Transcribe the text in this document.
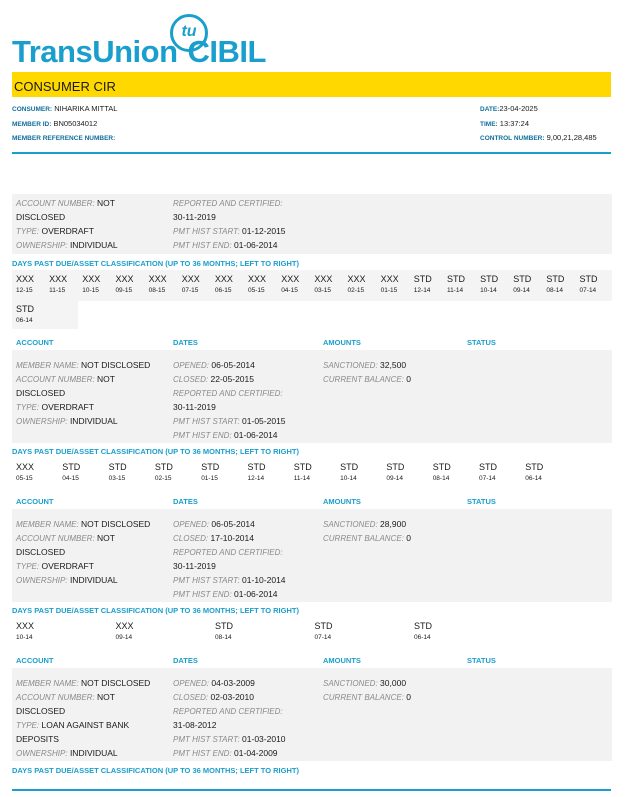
tu
TransUnion CIBIL
CONSUMER CIR
CONSUMER: NIHARIKA MITTAL
MEMBER ID: BN05034012
MEMBER REFERENCE NUMBER:
DATE:23-04-2025
TIME: 13:37:24
CONTROL NUMBER: 9,00,21,28,485
ACCOUNT NUMBER: NOT
DISCLOSED
TYPE: OVERDRAFT
OWNERSHIP: INDIVIDUAL
REPORTED AND CERTIFIED:
30-11-2019
PMT HIST START: 01-12-2015
PMT HIST END: 01-06-2014
DAYS PAST DUE/ASSET CLASSIFICATION (UP TO 36 MONTHS; LEFT TO RIGHT)
XXX
12-15
XXX
11-15
XXX
10-15
XXX
09-15
XXX
08-15
XXX
07-15
XXX
06-15
XXX
05-15
XXX
04-15
XXX
03-15
XXX
02-15
XXX
01-15
STD
12-14
STD
11-14
STD
10-14
STD
09-14
STD
08-14
STD
07-14
STD
06-14
ACCOUNT	DATES	AMOUNTS	STATUS
MEMBER NAME: NOT DISCLOSED
ACCOUNT NUMBER: NOT
DISCLOSED
TYPE: OVERDRAFT
OWNERSHIP: INDIVIDUAL
OPENED: 06-05-2014
CLOSED: 22-05-2015
REPORTED AND CERTIFIED:
30-11-2019
PMT HIST START: 01-05-2015
PMT HIST END: 01-06-2014
SANCTIONED: 32,500
CURRENT BALANCE: 0
DAYS PAST DUE/ASSET CLASSIFICATION (UP TO 36 MONTHS; LEFT TO RIGHT)
XXX
05-15
STD
04-15
STD
03-15
STD
02-15
STD
01-15
STD
12-14
STD
11-14
STD
10-14
STD
09-14
STD
08-14
STD
07-14
STD
06-14
ACCOUNT	DATES	AMOUNTS	STATUS
MEMBER NAME: NOT DISCLOSED
ACCOUNT NUMBER: NOT
DISCLOSED
TYPE: OVERDRAFT
OWNERSHIP: INDIVIDUAL
OPENED: 06-05-2014
CLOSED: 17-10-2014
REPORTED AND CERTIFIED:
30-11-2019
PMT HIST START: 01-10-2014
PMT HIST END: 01-06-2014
SANCTIONED: 28,900
CURRENT BALANCE: 0
DAYS PAST DUE/ASSET CLASSIFICATION (UP TO 36 MONTHS; LEFT TO RIGHT)
XXX
10-14
XXX
09-14
STD
08-14
STD
07-14
STD
06-14
ACCOUNT	DATES	AMOUNTS	STATUS
MEMBER NAME: NOT DISCLOSED
ACCOUNT NUMBER: NOT
DISCLOSED
TYPE: LOAN AGAINST BANK
DEPOSITS
OWNERSHIP: INDIVIDUAL
OPENED: 04-03-2009
CLOSED: 02-03-2010
REPORTED AND CERTIFIED:
31-08-2012
PMT HIST START: 01-03-2010
PMT HIST END: 01-04-2009
SANCTIONED: 30,000
CURRENT BALANCE: 0
DAYS PAST DUE/ASSET CLASSIFICATION (UP TO 36 MONTHS; LEFT TO RIGHT)
